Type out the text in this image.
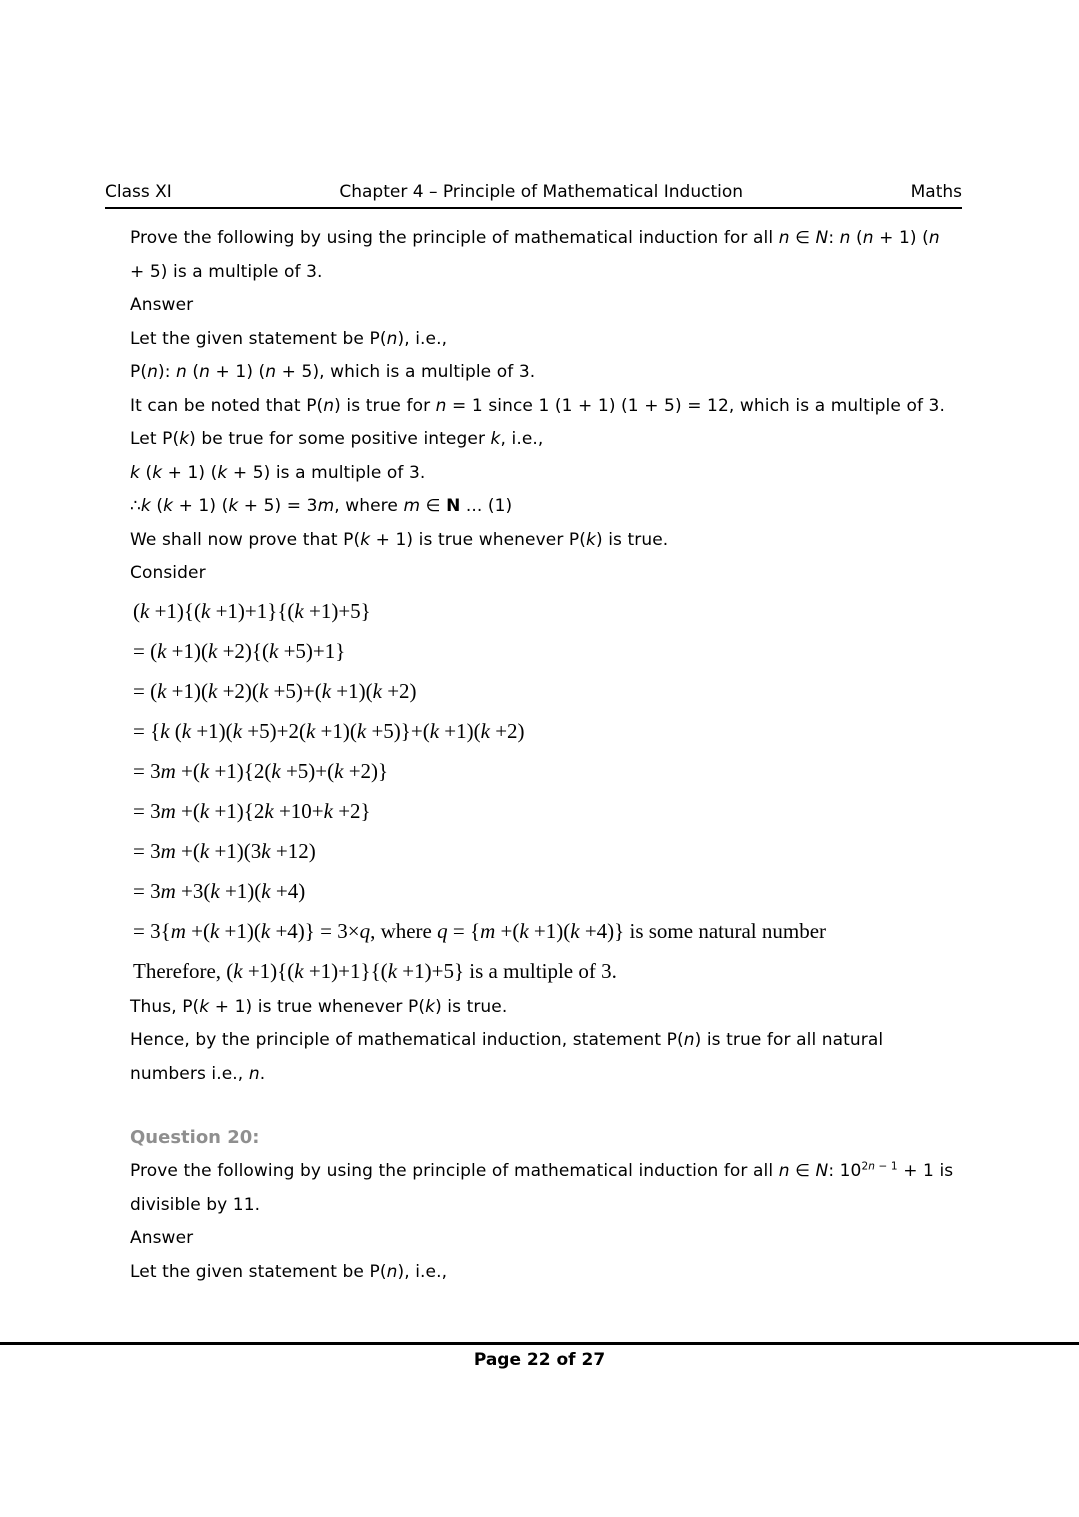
Class XI	Chapter 4 – Principle of Mathematical Induction	Maths

Prove the following by using the principle of mathematical induction for all n ∈ N: n (n + 1) (n + 5) is a multiple of 3.

Answer

Let the given statement be P(n), i.e.,

P(n): n (n + 1) (n + 5), which is a multiple of 3.

It can be noted that P(n) is true for n = 1 since 1 (1 + 1) (1 + 5) = 12, which is a multiple of 3.

Let P(k) be true for some positive integer k, i.e.,

k (k + 1) (k + 5) is a multiple of 3.

∴k (k + 1) (k + 5) = 3m, where m ∈ N ... (1)

We shall now prove that P(k + 1) is true whenever P(k) is true.

Consider

(k +1){(k +1)+1}{(k +1)+5}

= (k +1)(k +2){(k +5)+1}

= (k +1)(k +2)(k +5)+(k +1)(k +2)

= {k (k +1)(k +5)+2(k +1)(k +5)}+(k +1)(k +2)

= 3m +(k +1){2(k +5)+(k +2)}

= 3m +(k +1){2k +10+k +2}

= 3m +(k +1)(3k +12)

= 3m +3(k +1)(k +4)

= 3{m +(k +1)(k +4)} = 3×q, where q = {m +(k +1)(k +4)} is some natural number

Therefore, (k +1){(k +1)+1}{(k +1)+5} is a multiple of 3.

Thus, P(k + 1) is true whenever P(k) is true.

Hence, by the principle of mathematical induction, statement P(n) is true for all natural numbers i.e., n.

Question 20:

Prove the following by using the principle of mathematical induction for all n ∈ N: $10^{2n - 1} + 1$ is divisible by 11.

Answer

Let the given statement be P(n), i.e.,

Page 22 of 27
